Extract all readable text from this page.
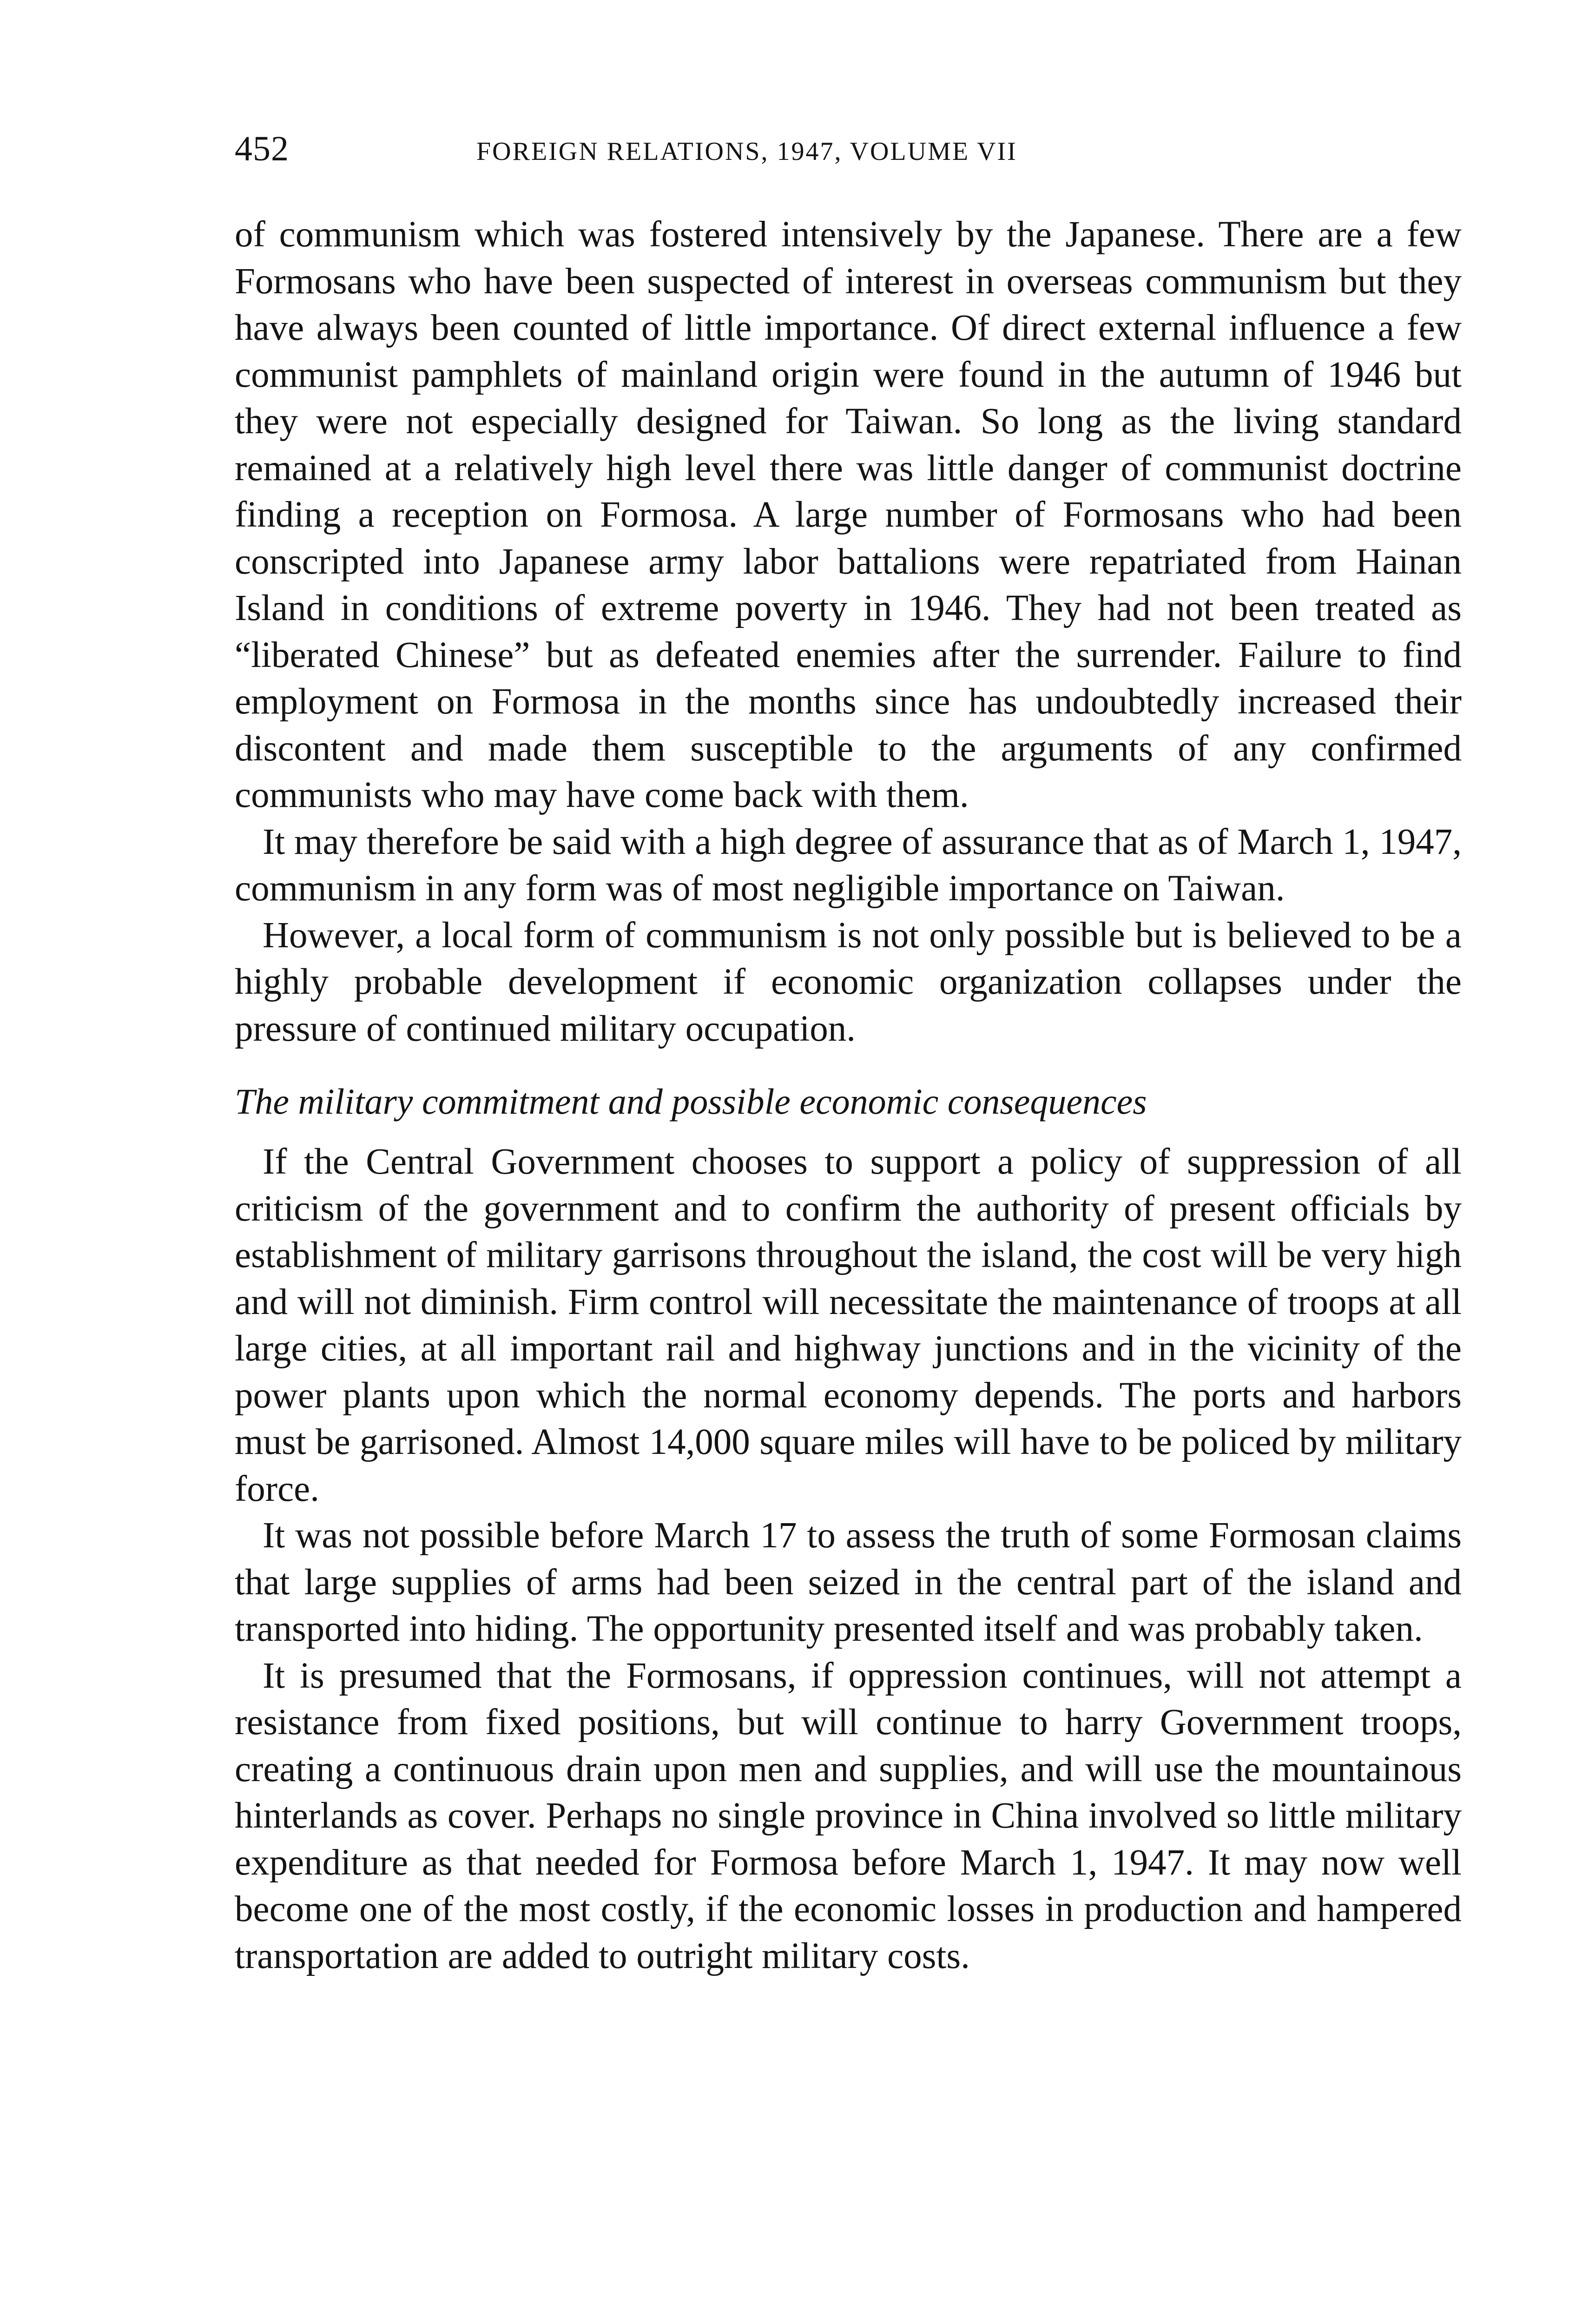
452	FOREIGN RELATIONS, 1947, VOLUME VII

of communism which was fostered intensively by the Japanese. There are a few Formosans who have been suspected of interest in overseas communism but they have always been counted of little importance. Of direct external influence a few communist pamphlets of mainland origin were found in the autumn of 1946 but they were not especially designed for Taiwan. So long as the living standard remained at a relatively high level there was little danger of communist doctrine finding a reception on Formosa. A large number of Formosans who had been conscripted into Japanese army labor battalions were repatriated from Hainan Island in conditions of extreme poverty in 1946. They had not been treated as “liberated Chinese” but as defeated enemies after the surrender. Failure to find employment on Formosa in the months since has undoubtedly increased their discontent and made them susceptible to the arguments of any confirmed communists who may have come back with them.

It may therefore be said with a high degree of assurance that as of March 1, 1947, communism in any form was of most negligible importance on Taiwan.

However, a local form of communism is not only possible but is believed to be a highly probable development if economic organization collapses under the pressure of continued military occupation.

The military commitment and possible economic consequences

If the Central Government chooses to support a policy of suppression of all criticism of the government and to confirm the authority of present officials by establishment of military garrisons throughout the island, the cost will be very high and will not diminish. Firm control will necessitate the maintenance of troops at all large cities, at all important rail and highway junctions and in the vicinity of the power plants upon which the normal economy depends. The ports and harbors must be garrisoned. Almost 14,000 square miles will have to be policed by military force.

It was not possible before March 17 to assess the truth of some Formosan claims that large supplies of arms had been seized in the central part of the island and transported into hiding. The opportunity presented itself and was probably taken.

It is presumed that the Formosans, if oppression continues, will not attempt a resistance from fixed positions, but will continue to harry Government troops, creating a continuous drain upon men and supplies, and will use the mountainous hinterlands as cover. Perhaps no single province in China involved so little military expenditure as that needed for Formosa before March 1, 1947. It may now well become one of the most costly, if the economic losses in production and hampered transportation are added to outright military costs.
